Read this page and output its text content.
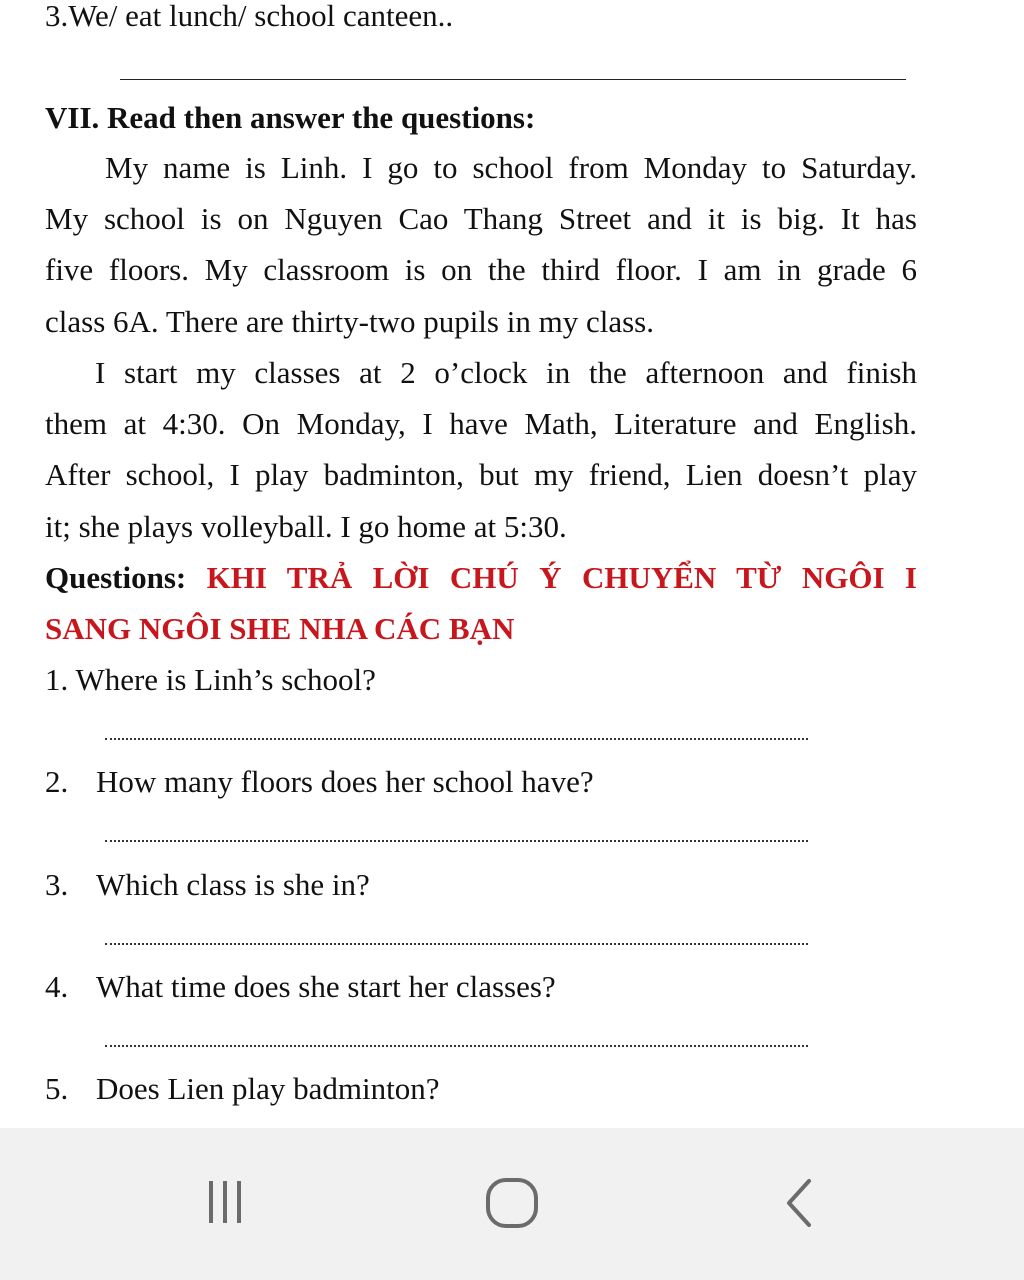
3.We/ eat lunch/ school canteen..
VII. Read then answer the questions:
My name is Linh. I go to school from Monday to Saturday.
My school is on Nguyen Cao Thang Street and it is big. It has
five floors. My classroom is on the third floor. I am in grade 6
class 6A. There are thirty-two pupils in my class.
I start my classes at 2 o’clock in the afternoon and finish
them at 4:30. On Monday, I have Math, Literature and English.
After school, I play badminton, but my friend, Lien doesn’t play
it; she plays volleyball. I go home at 5:30.
Questions: KHI TRẢ LỜI CHÚ Ý CHUYỂN TỪ NGÔI I
SANG NGÔI SHE NHA CÁC BẠN
1. Where is Linh’s school?
2. How many floors does her school have?
3. Which class is she in?
4. What time does she start her classes?
5. Does Lien play badminton?
